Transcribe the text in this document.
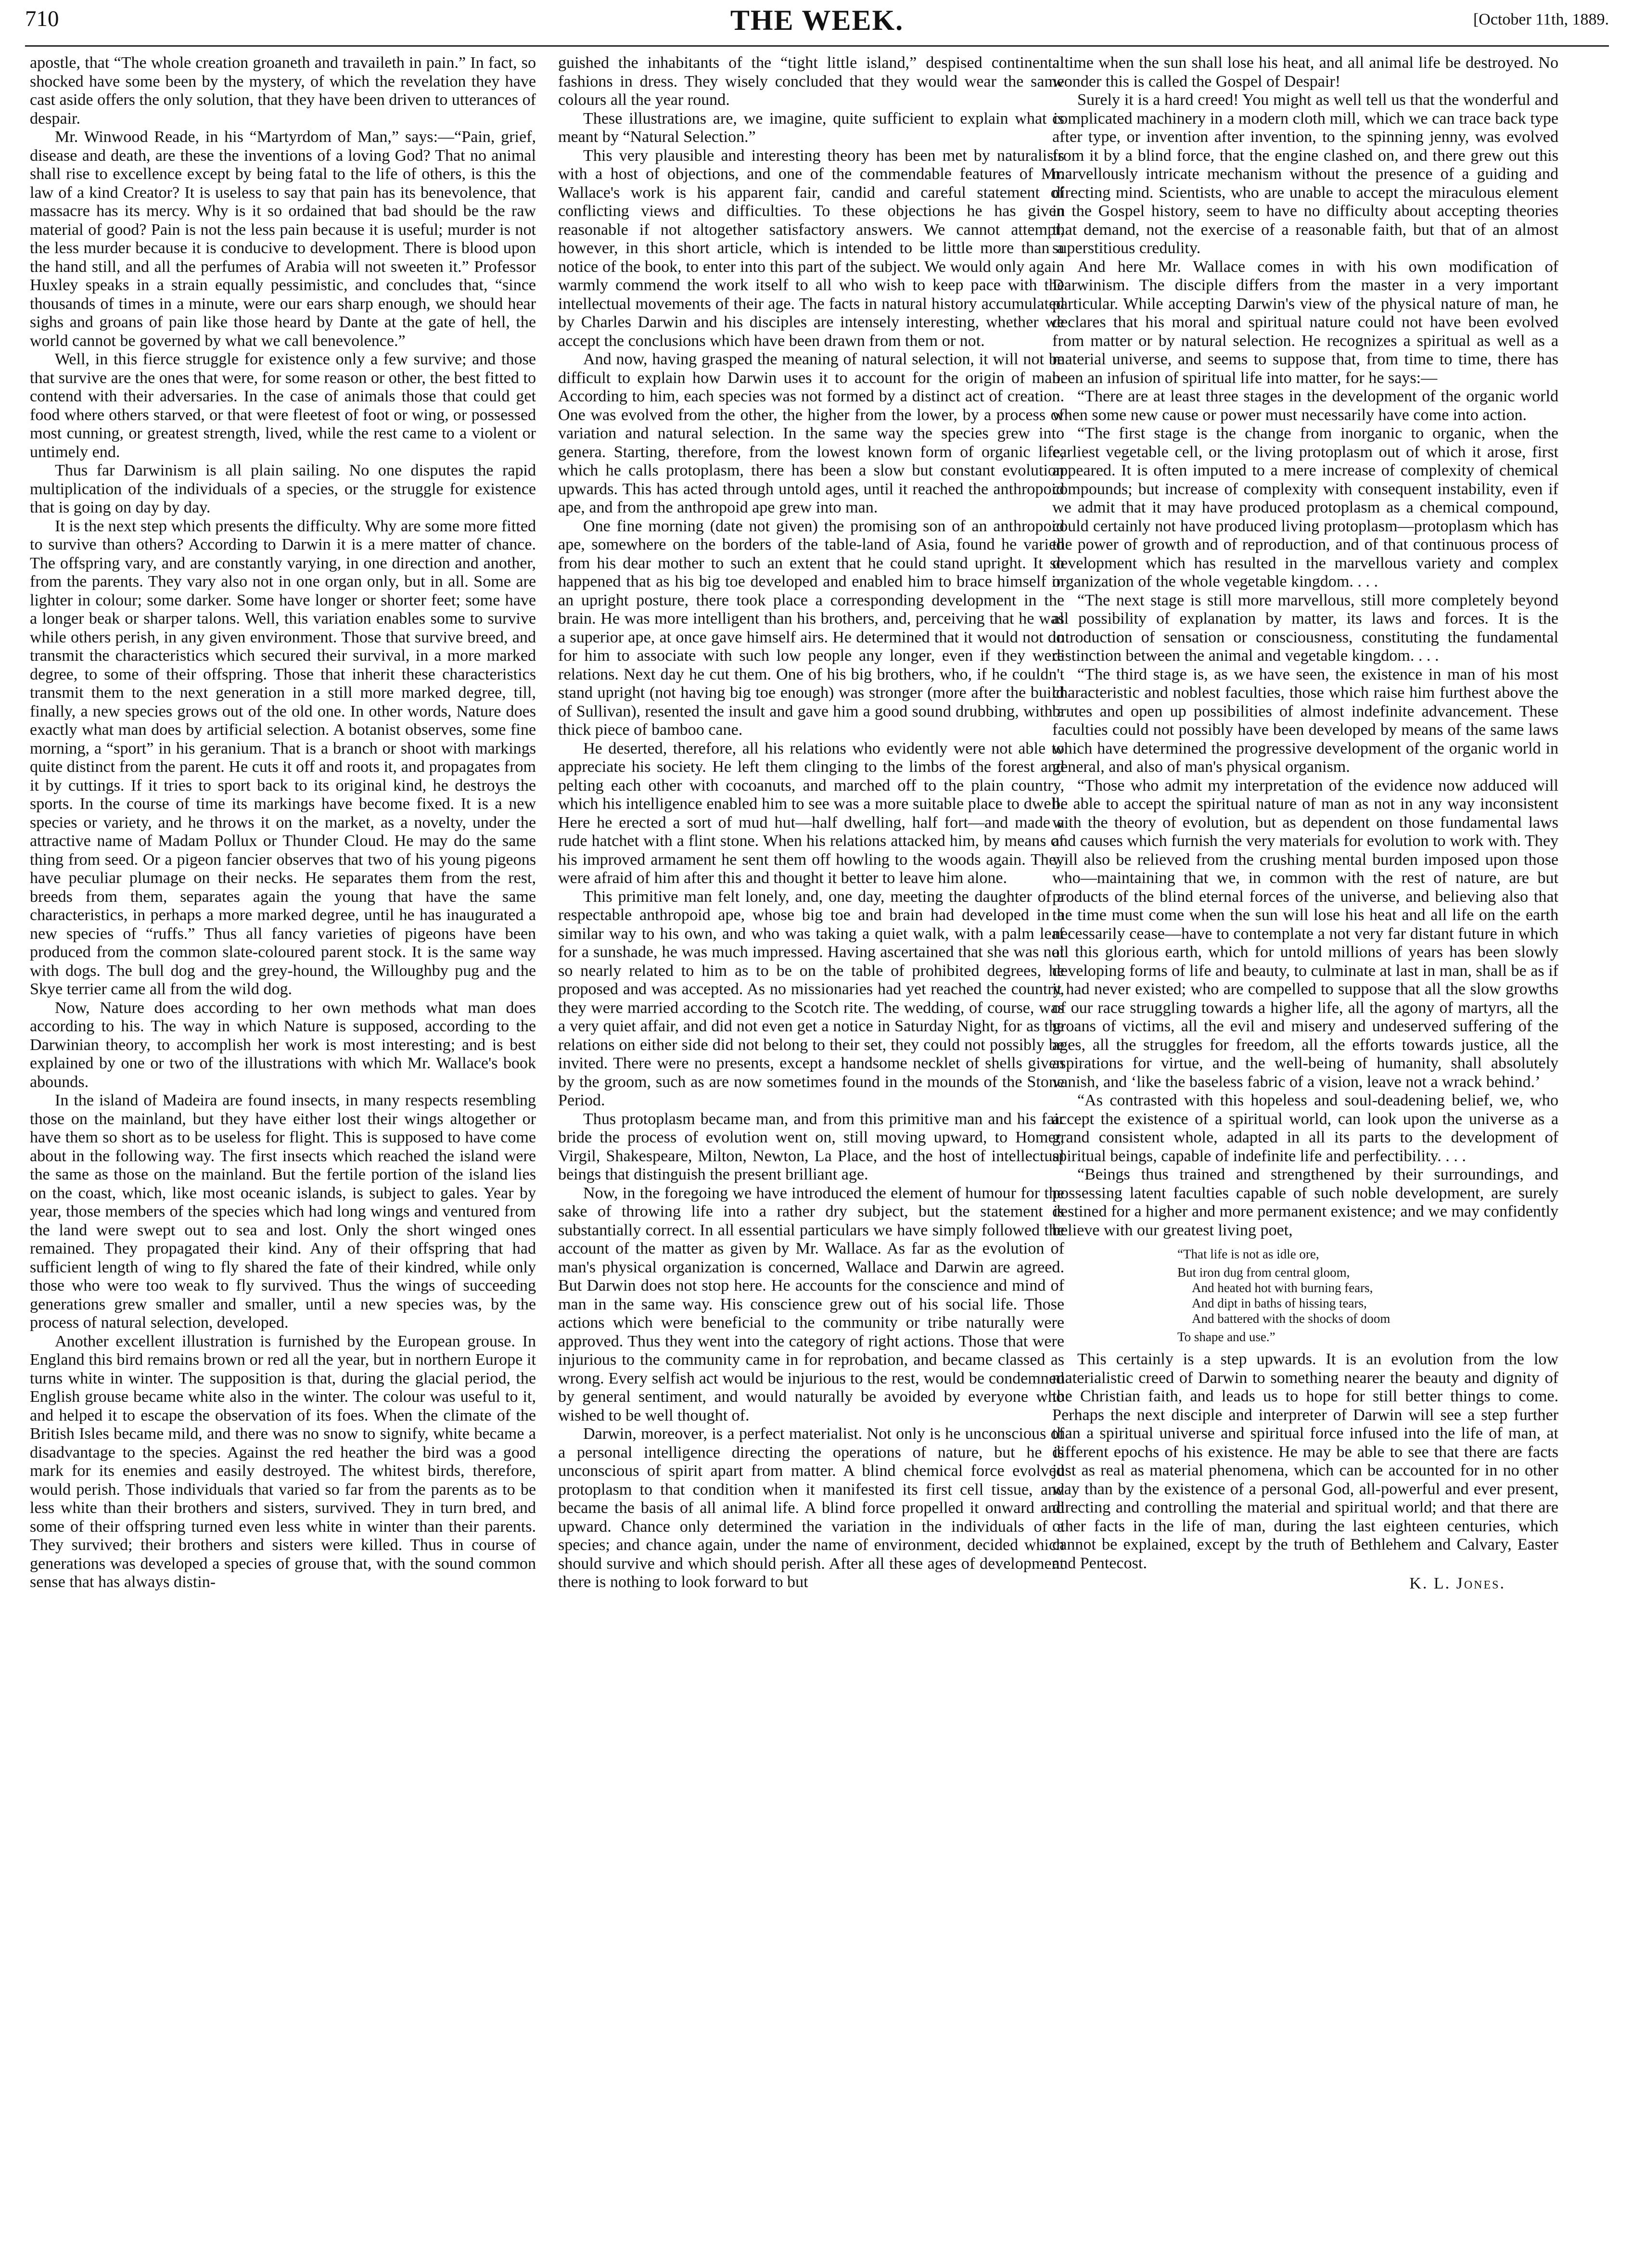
710	THE WEEK.	[October 11th, 1889.

apostle, that “The whole creation groaneth and travaileth in pain.” In fact, so shocked have some been by the mystery, of which the revelation they have cast aside offers the only solution, that they have been driven to utterances of despair.

Mr. Winwood Reade, in his “Martyrdom of Man,” says:—“Pain, grief, disease and death, are these the inventions of a loving God? That no animal shall rise to excellence except by being fatal to the life of others, is this the law of a kind Creator? It is useless to say that pain has its benevolence, that massacre has its mercy. Why is it so ordained that bad should be the raw material of good? Pain is not the less pain because it is useful; murder is not the less murder because it is conducive to development. There is blood upon the hand still, and all the perfumes of Arabia will not sweeten it.” Professor Huxley speaks in a strain equally pessimistic, and concludes that, “since thousands of times in a minute, were our ears sharp enough, we should hear sighs and groans of pain like those heard by Dante at the gate of hell, the world cannot be governed by what we call benevolence.”

Well, in this fierce struggle for existence only a few survive; and those that survive are the ones that were, for some reason or other, the best fitted to contend with their adversaries. In the case of animals those that could get food where others starved, or that were fleetest of foot or wing, or possessed most cunning, or greatest strength, lived, while the rest came to a violent or untimely end.

Thus far Darwinism is all plain sailing. No one disputes the rapid multiplication of the individuals of a species, or the struggle for existence that is going on day by day.

It is the next step which presents the difficulty. Why are some more fitted to survive than others? According to Darwin it is a mere matter of chance. The offspring vary, and are constantly varying, in one direction and another, from the parents. They vary also not in one organ only, but in all. Some are lighter in colour; some darker. Some have longer or shorter feet; some have a longer beak or sharper talons. Well, this variation enables some to survive while others perish, in any given environment. Those that survive breed, and transmit the characteristics which secured their survival, in a more marked degree, to some of their offspring. Those that inherit these characteristics transmit them to the next generation in a still more marked degree, till, finally, a new species grows out of the old one. In other words, Nature does exactly what man does by artificial selection. A botanist observes, some fine morning, a “sport” in his geranium. That is a branch or shoot with markings quite distinct from the parent. He cuts it off and roots it, and propagates from it by cuttings. If it tries to sport back to its original kind, he destroys the sports. In the course of time its markings have become fixed. It is a new species or variety, and he throws it on the market, as a novelty, under the attractive name of Madam Pollux or Thunder Cloud. He may do the same thing from seed. Or a pigeon fancier observes that two of his young pigeons have peculiar plumage on their necks. He separates them from the rest, breeds from them, separates again the young that have the same characteristics, in perhaps a more marked degree, until he has inaugurated a new species of “ruffs.” Thus all fancy varieties of pigeons have been produced from the common slate-coloured parent stock. It is the same way with dogs. The bull dog and the grey-hound, the Willoughby pug and the Skye terrier came all from the wild dog.

Now, Nature does according to her own methods what man does according to his. The way in which Nature is supposed, according to the Darwinian theory, to accomplish her work is most interesting; and is best explained by one or two of the illustrations with which Mr. Wallace's book abounds.

In the island of Madeira are found insects, in many respects resembling those on the mainland, but they have either lost their wings altogether or have them so short as to be useless for flight. This is supposed to have come about in the following way. The first insects which reached the island were the same as those on the mainland. But the fertile portion of the island lies on the coast, which, like most oceanic islands, is subject to gales. Year by year, those members of the species which had long wings and ventured from the land were swept out to sea and lost. Only the short winged ones remained. They propagated their kind. Any of their offspring that had sufficient length of wing to fly shared the fate of their kindred, while only those who were too weak to fly survived. Thus the wings of succeeding generations grew smaller and smaller, until a new species was, by the process of natural selection, developed.

Another excellent illustration is furnished by the European grouse. In England this bird remains brown or red all the year, but in northern Europe it turns white in winter. The supposition is that, during the glacial period, the English grouse became white also in the winter. The colour was useful to it, and helped it to escape the observation of its foes. When the climate of the British Isles became mild, and there was no snow to signify, white became a disadvantage to the species. Against the red heather the bird was a good mark for its enemies and easily destroyed. The whitest birds, therefore, would perish. Those individuals that varied so far from the parents as to be less white than their brothers and sisters, survived. They in turn bred, and some of their offspring turned even less white in winter than their parents. They survived; their brothers and sisters were killed. Thus in course of generations was developed a species of grouse that, with the sound common sense that has always distin-

guished the inhabitants of the “tight little island,” despised continental fashions in dress. They wisely concluded that they would wear the same colours all the year round.

These illustrations are, we imagine, quite sufficient to explain what is meant by “Natural Selection.”

This very plausible and interesting theory has been met by naturalists with a host of objections, and one of the commendable features of Mr. Wallace's work is his apparent fair, candid and careful statement of conflicting views and difficulties. To these objections he has given reasonable if not altogether satisfactory answers. We cannot attempt, however, in this short article, which is intended to be little more than a notice of the book, to enter into this part of the subject. We would only again warmly commend the work itself to all who wish to keep pace with the intellectual movements of their age. The facts in natural history accumulated by Charles Darwin and his disciples are intensely interesting, whether we accept the conclusions which have been drawn from them or not.

And now, having grasped the meaning of natural selection, it will not be difficult to explain how Darwin uses it to account for the origin of man. According to him, each species was not formed by a distinct act of creation. One was evolved from the other, the higher from the lower, by a process of variation and natural selection. In the same way the species grew into genera. Starting, therefore, from the lowest known form of organic life, which he calls protoplasm, there has been a slow but constant evolution upwards. This has acted through untold ages, until it reached the anthropoid ape, and from the anthropoid ape grew into man.

One fine morning (date not given) the promising son of an anthropoid ape, somewhere on the borders of the table-land of Asia, found he varied from his dear mother to such an extent that he could stand upright. It so happened that as his big toe developed and enabled him to brace himself in an upright posture, there took place a corresponding development in the brain. He was more intelligent than his brothers, and, perceiving that he was a superior ape, at once gave himself airs. He determined that it would not do for him to associate with such low people any longer, even if they were relations. Next day he cut them. One of his big brothers, who, if he couldn't stand upright (not having big toe enough) was stronger (more after the build of Sullivan), resented the insult and gave him a good sound drubbing, with a thick piece of bamboo cane.

He deserted, therefore, all his relations who evidently were not able to appreciate his society. He left them clinging to the limbs of the forest and pelting each other with cocoanuts, and marched off to the plain country, which his intelligence enabled him to see was a more suitable place to dwell. Here he erected a sort of mud hut—half dwelling, half fort—and made a rude hatchet with a flint stone. When his relations attacked him, by means of his improved armament he sent them off howling to the woods again. They were afraid of him after this and thought it better to leave him alone.

This primitive man felt lonely, and, one day, meeting the daughter of a respectable anthropoid ape, whose big toe and brain had developed in a similar way to his own, and who was taking a quiet walk, with a palm leaf for a sunshade, he was much impressed. Having ascertained that she was not so nearly related to him as to be on the table of prohibited degrees, he proposed and was accepted. As no missionaries had yet reached the country, they were married according to the Scotch rite. The wedding, of course, was a very quiet affair, and did not even get a notice in Saturday Night, for as the relations on either side did not belong to their set, they could not possibly be invited. There were no presents, except a handsome necklet of shells given by the groom, such as are now sometimes found in the mounds of the Stone Period.

Thus protoplasm became man, and from this primitive man and his fair bride the process of evolution went on, still moving upward, to Homer, Virgil, Shakespeare, Milton, Newton, La Place, and the host of intellectual beings that distinguish the present brilliant age.

Now, in the foregoing we have introduced the element of humour for the sake of throwing life into a rather dry subject, but the statement is substantially correct. In all essential particulars we have simply followed the account of the matter as given by Mr. Wallace. As far as the evolution of man's physical organization is concerned, Wallace and Darwin are agreed. But Darwin does not stop here. He accounts for the conscience and mind of man in the same way. His conscience grew out of his social life. Those actions which were beneficial to the community or tribe naturally were approved. Thus they went into the category of right actions. Those that were injurious to the community came in for reprobation, and became classed as wrong. Every selfish act would be injurious to the rest, would be condemned by general sentiment, and would naturally be avoided by everyone who wished to be well thought of.

Darwin, moreover, is a perfect materialist. Not only is he unconscious of a personal intelligence directing the operations of nature, but he is unconscious of spirit apart from matter. A blind chemical force evolved protoplasm to that condition when it manifested its first cell tissue, and became the basis of all animal life. A blind force propelled it onward and upward. Chance only determined the variation in the individuals of a species; and chance again, under the name of environment, decided which should survive and which should perish. After all these ages of development there is nothing to look forward to but

a time when the sun shall lose his heat, and all animal life be destroyed. No wonder this is called the Gospel of Despair!

Surely it is a hard creed! You might as well tell us that the wonderful and complicated machinery in a modern cloth mill, which we can trace back type after type, or invention after invention, to the spinning jenny, was evolved from it by a blind force, that the engine clashed on, and there grew out this marvellously intricate mechanism without the presence of a guiding and directing mind. Scientists, who are unable to accept the miraculous element in the Gospel history, seem to have no difficulty about accepting theories that demand, not the exercise of a reasonable faith, but that of an almost superstitious credulity.

And here Mr. Wallace comes in with his own modification of Darwinism. The disciple differs from the master in a very important particular. While accepting Darwin's view of the physical nature of man, he declares that his moral and spiritual nature could not have been evolved from matter or by natural selection. He recognizes a spiritual as well as a material universe, and seems to suppose that, from time to time, there has been an infusion of spiritual life into matter, for he says:—

“There are at least three stages in the development of the organic world when some new cause or power must necessarily have come into action.

“The first stage is the change from inorganic to organic, when the earliest vegetable cell, or the living protoplasm out of which it arose, first appeared. It is often imputed to a mere increase of complexity of chemical compounds; but increase of complexity with consequent instability, even if we admit that it may have produced protoplasm as a chemical compound, could certainly not have produced living protoplasm—protoplasm which has the power of growth and of reproduction, and of that continuous process of development which has resulted in the marvellous variety and complex organization of the whole vegetable kingdom. . . .

“The next stage is still more marvellous, still more completely beyond all possibility of explanation by matter, its laws and forces. It is the introduction of sensation or consciousness, constituting the fundamental distinction between the animal and vegetable kingdom. . . .

“The third stage is, as we have seen, the existence in man of his most characteristic and noblest faculties, those which raise him furthest above the brutes and open up possibilities of almost indefinite advancement. These faculties could not possibly have been developed by means of the same laws which have determined the progressive development of the organic world in general, and also of man's physical organism.

“Those who admit my interpretation of the evidence now adduced will be able to accept the spiritual nature of man as not in any way inconsistent with the theory of evolution, but as dependent on those fundamental laws and causes which furnish the very materials for evolution to work with. They will also be relieved from the crushing mental burden imposed upon those who—maintaining that we, in common with the rest of nature, are but products of the blind eternal forces of the universe, and believing also that the time must come when the sun will lose his heat and all life on the earth necessarily cease—have to contemplate a not very far distant future in which all this glorious earth, which for untold millions of years has been slowly developing forms of life and beauty, to culminate at last in man, shall be as if it had never existed; who are compelled to suppose that all the slow growths of our race struggling towards a higher life, all the agony of martyrs, all the groans of victims, all the evil and misery and undeserved suffering of the ages, all the struggles for freedom, all the efforts towards justice, all the aspirations for virtue, and the well-being of humanity, shall absolutely vanish, and ‘like the baseless fabric of a vision, leave not a wrack behind.’

“As contrasted with this hopeless and soul-deadening belief, we, who accept the existence of a spiritual world, can look upon the universe as a grand consistent whole, adapted in all its parts to the development of spiritual beings, capable of indefinite life and perfectibility. . . .

“Beings thus trained and strengthened by their surroundings, and possessing latent faculties capable of such noble development, are surely destined for a higher and more permanent existence; and we may confidently believe with our greatest living poet,

“That life is not as idle ore,
But iron dug from central gloom,
And heated hot with burning fears,
And dipt in baths of hissing tears,
And battered with the shocks of doom
To shape and use.”

This certainly is a step upwards. It is an evolution from the low materialistic creed of Darwin to something nearer the beauty and dignity of the Christian faith, and leads us to hope for still better things to come. Perhaps the next disciple and interpreter of Darwin will see a step further than a spiritual universe and spiritual force infused into the life of man, at different epochs of his existence. He may be able to see that there are facts just as real as material phenomena, which can be accounted for in no other way than by the existence of a personal God, all-powerful and ever present, directing and controlling the material and spiritual world; and that there are other facts in the life of man, during the last eighteen centuries, which cannot be explained, except by the truth of Bethlehem and Calvary, Easter and Pentecost.

K. L. Jones.
